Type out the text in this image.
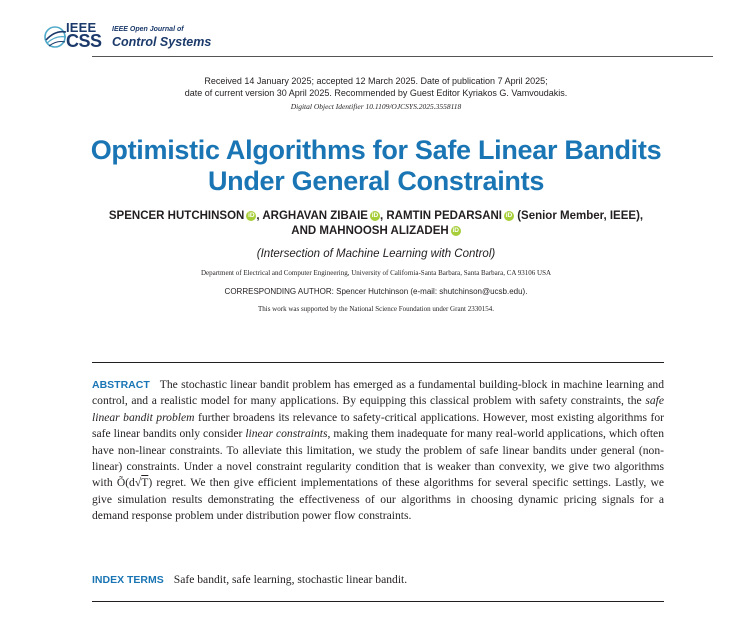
IEEE
CSS
IEEE Open Journal of
Control Systems
Received 14 January 2025; accepted 12 March 2025. Date of publication 7 April 2025;
date of current version 30 April 2025. Recommended by Guest Editor Kyriakos G. Vamvoudakis.
Digital Object Identifier 10.1109/OJCSYS.2025.3558118
Optimistic Algorithms for Safe Linear Bandits
Under General Constraints
SPENCER HUTCHINSON iD , ARGHAVAN ZIBAIE iD , RAMTIN PEDARSANI iD (Senior Member, IEEE),
AND MAHNOOSH ALIZADEH iD
(Intersection of Machine Learning with Control)
Department of Electrical and Computer Engineering, University of California-Santa Barbara, Santa Barbara, CA 93106 USA
CORRESPONDING AUTHOR: Spencer Hutchinson (e-mail: shutchinson@ucsb.edu).
This work was supported by the National Science Foundation under Grant 2330154.
ABSTRACT The stochastic linear bandit problem has emerged as a fundamental building-block in machine learning and control, and a realistic model for many applications. By equipping this classical problem with safety constraints, the safe linear bandit problem further broadens its relevance to safety-critical applications. However, most existing algorithms for safe linear bandits only consider linear constraints, making them inadequate for many real-world applications, which often have non-linear constraints. To alleviate this limitation, we study the problem of safe linear bandits under general (non-linear) constraints. Under a novel constraint regularity condition that is weaker than convexity, we give two algorithms with Õ(d√T) regret. We then give efficient implementations of these algorithms for several specific settings. Lastly, we give simulation results demonstrating the effectiveness of our algorithms in choosing dynamic pricing signals for a demand response problem under distribution power flow constraints.
INDEX TERMS Safe bandit, safe learning, stochastic linear bandit.
